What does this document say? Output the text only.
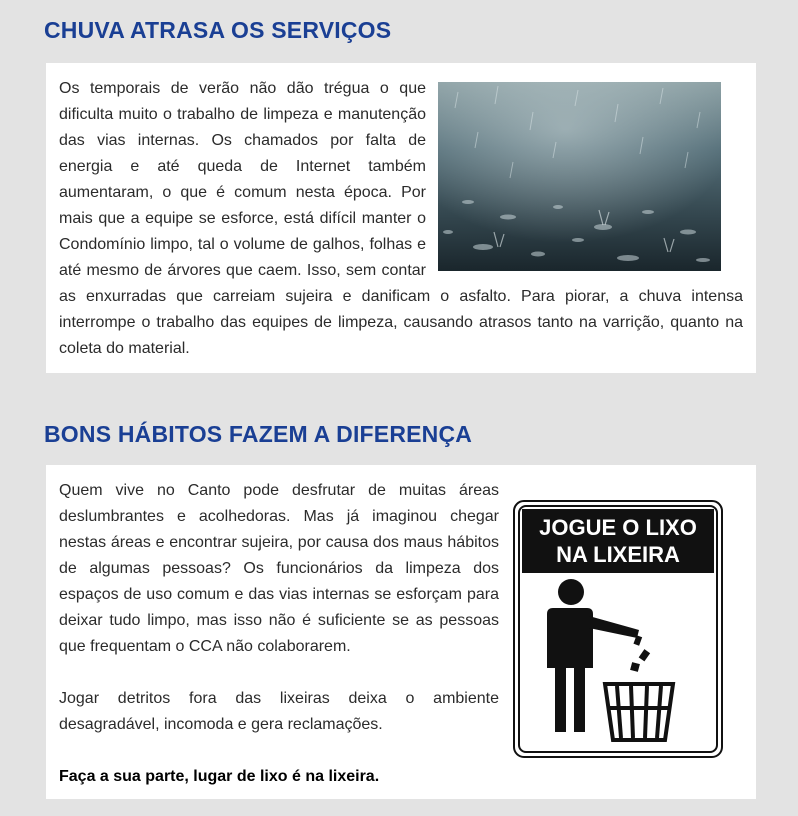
CHUVA ATRASA OS SERVIÇOS

Os temporais de verão não dão trégua o que dificulta muito o trabalho de limpeza e manutenção das vias internas. Os chamados por falta de energia e até queda de Internet também aumentaram, o que é comum nesta época. Por mais que a equipe se esforce, está difícil manter o Condomínio limpo, tal o volume de galhos, folhas e até mesmo de árvores que caem. Isso, sem contar as enxurradas que carreiam sujeira e danificam o asfalto. Para piorar, a chuva intensa interrompe o trabalho das equipes de limpeza, causando atrasos tanto na varrição, quanto na coleta do material.

BONS HÁBITOS FAZEM A DIFERENÇA
JOGUE O LIXO
NA LIXEIRA

Quem vive no Canto pode desfrutar de muitas áreas deslumbrantes e acolhedoras. Mas já imaginou chegar nestas áreas e encontrar sujeira, por causa dos maus hábitos de algumas pessoas? Os funcionários da limpeza dos espaços de uso comum e das vias internas se esforçam para deixar tudo limpo, mas isso não é suficiente se as pessoas que frequentam o CCA não colaborarem.

Jogar detritos fora das lixeiras deixa o ambiente desagradável, incomoda e gera reclamações.

Faça a sua parte, lugar de lixo é na lixeira.
